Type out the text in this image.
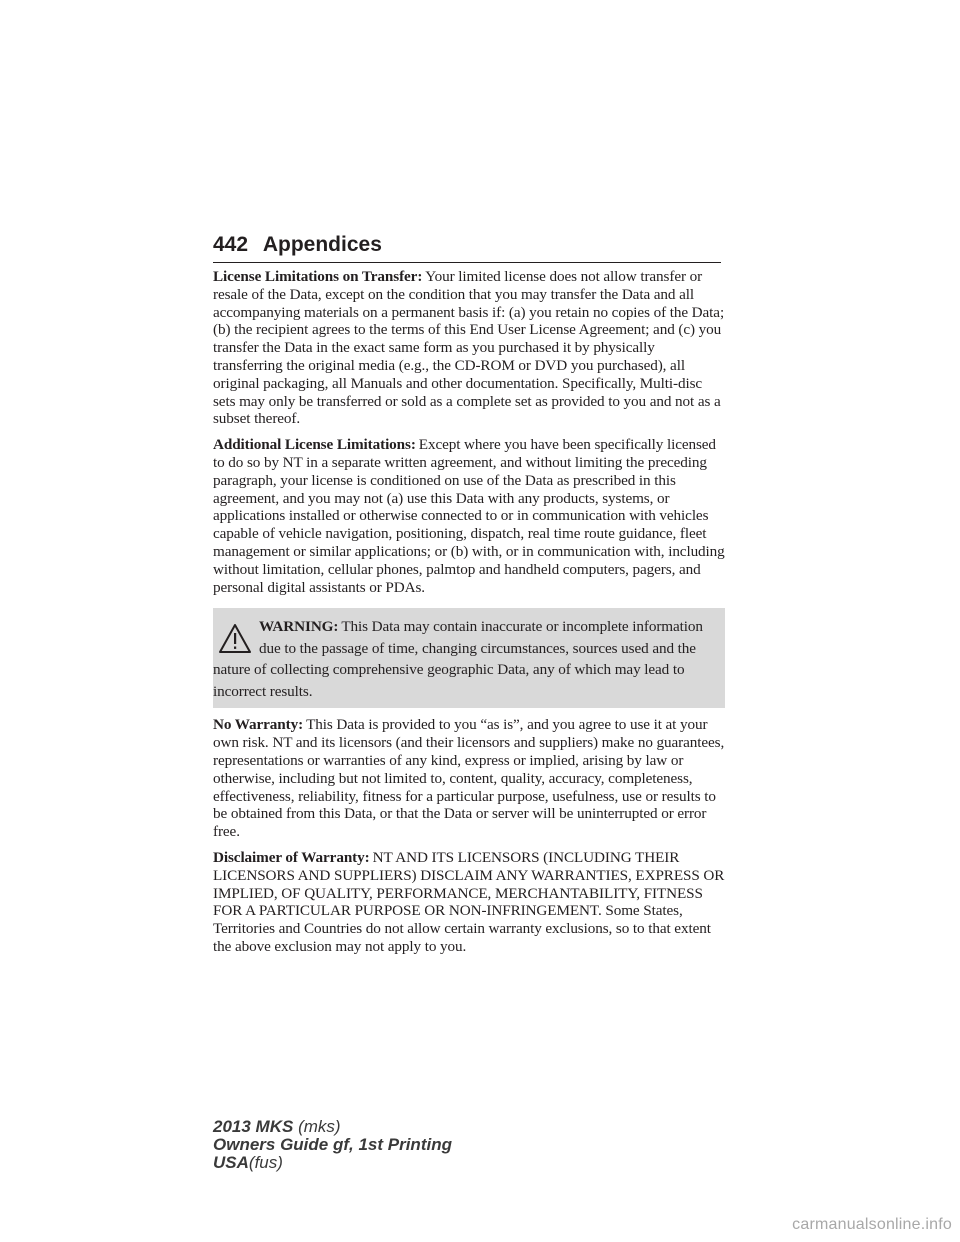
442 Appendices

License Limitations on Transfer: Your limited license does not allow transfer or resale of the Data, except on the condition that you may transfer the Data and all accompanying materials on a permanent basis if: (a) you retain no copies of the Data; (b) the recipient agrees to the terms of this End User License Agreement; and (c) you transfer the Data in the exact same form as you purchased it by physically transferring the original media (e.g., the CD-ROM or DVD you purchased), all original packaging, all Manuals and other documentation. Specifically, Multi-disc sets may only be transferred or sold as a complete set as provided to you and not as a subset thereof.

Additional License Limitations: Except where you have been specifically licensed to do so by NT in a separate written agreement, and without limiting the preceding paragraph, your license is conditioned on use of the Data as prescribed in this agreement, and you may not (a) use this Data with any products, systems, or applications installed or otherwise connected to or in communication with vehicles capable of vehicle navigation, positioning, dispatch, real time route guidance, fleet management or similar applications; or (b) with, or in communication with, including without limitation, cellular phones, palmtop and handheld computers, pagers, and personal digital assistants or PDAs.

WARNING: This Data may contain inaccurate or incomplete information due to the passage of time, changing circumstances, sources used and the nature of collecting comprehensive geographic Data, any of which may lead to incorrect results.

No Warranty: This Data is provided to you “as is”, and you agree to use it at your own risk. NT and its licensors (and their licensors and suppliers) make no guarantees, representations or warranties of any kind, express or implied, arising by law or otherwise, including but not limited to, content, quality, accuracy, completeness, effectiveness, reliability, fitness for a particular purpose, usefulness, use or results to be obtained from this Data, or that the Data or server will be uninterrupted or error free.

Disclaimer of Warranty: NT AND ITS LICENSORS (INCLUDING THEIR LICENSORS AND SUPPLIERS) DISCLAIM ANY WARRANTIES, EXPRESS OR IMPLIED, OF QUALITY, PERFORMANCE, MERCHANTABILITY, FITNESS FOR A PARTICULAR PURPOSE OR NON-INFRINGEMENT. Some States, Territories and Countries do not allow certain warranty exclusions, so to that extent the above exclusion may not apply to you.

2013 MKS (mks)
Owners Guide gf, 1st Printing
USA(fus)
carmanualsonline.info
